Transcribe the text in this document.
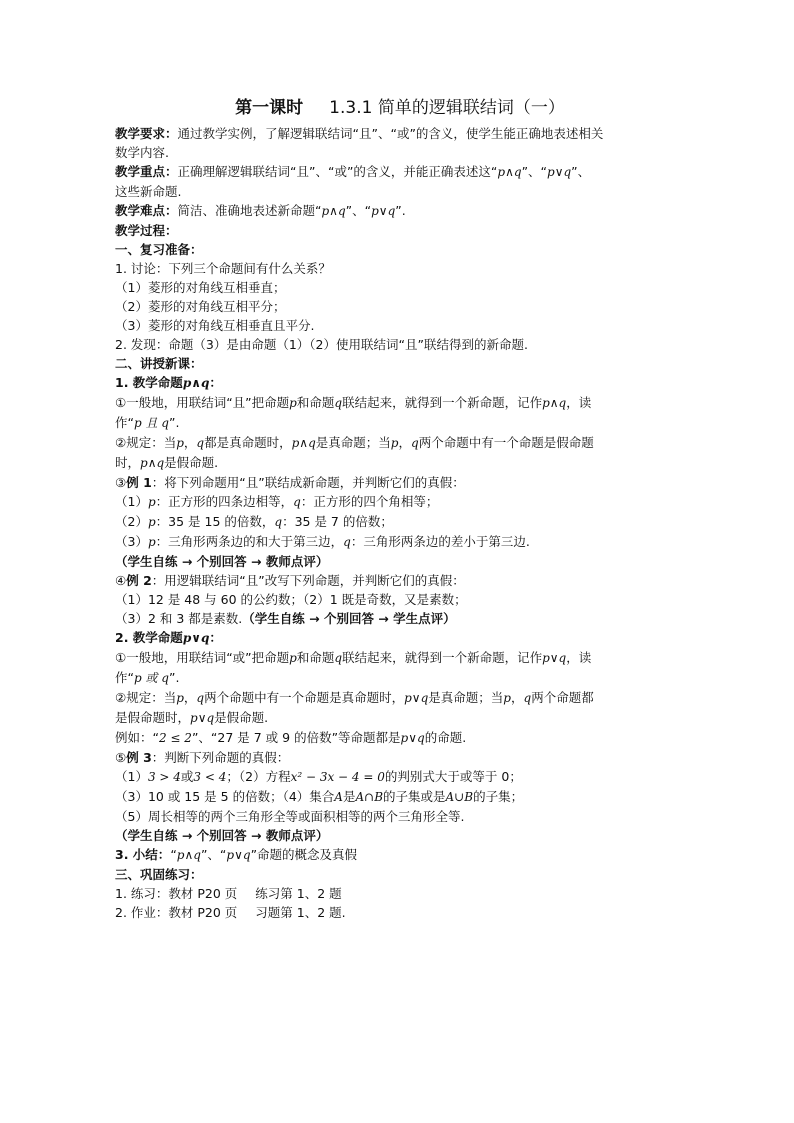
第一课时 1.3.1 简单的逻辑联结词（一）
教学要求：通过教学实例，了解逻辑联结词“且”、“或”的含义，使学生能正确地表述相关
数学内容.
教学重点：正确理解逻辑联结词“且”、“或”的含义，并能正确表述这“p∧q”、“p∨q”、
这些新命题.
教学难点：简洁、准确地表述新命题“p∧q”、“p∨q”.
教学过程：
一、复习准备：
1. 讨论：下列三个命题间有什么关系？
（1）菱形的对角线互相垂直；
（2）菱形的对角线互相平分；
（3）菱形的对角线互相垂直且平分.
2. 发现：命题（3）是由命题（1）（2）使用联结词“且”联结得到的新命题.
二、讲授新课：
1. 教学命题p∧q：
①一般地，用联结词“且”把命题p和命题q联结起来，就得到一个新命题，记作p∧q，读
作“p 且 q”.
②规定：当p，q都是真命题时，p∧q是真命题；当p，q两个命题中有一个命题是假命题
时，p∧q是假命题.
③例 1：将下列命题用“且”联结成新命题，并判断它们的真假：
（1）p：正方形的四条边相等，q：正方形的四个角相等；
（2）p：35 是 15 的倍数，q：35 是 7 的倍数；
（3）p：三角形两条边的和大于第三边，q：三角形两条边的差小于第三边.
（学生自练 → 个别回答 → 教师点评）
④例 2：用逻辑联结词“且”改写下列命题，并判断它们的真假：
（1）12 是 48 与 60 的公约数；（2）1 既是奇数，又是素数；
（3）2 和 3 都是素数.（学生自练 → 个别回答 → 学生点评）
2. 教学命题p∨q：
①一般地，用联结词“或”把命题p和命题q联结起来，就得到一个新命题，记作p∨q，读
作“p 或 q”.
②规定：当p，q两个命题中有一个命题是真命题时，p∨q是真命题；当p，q两个命题都
是假命题时，p∨q是假命题.
例如：“2 ≤ 2”、“27 是 7 或 9 的倍数”等命题都是p∨q的命题.
⑤例 3：判断下列命题的真假：
（1）3 > 4或3 < 4；（2）方程x² − 3x − 4 = 0的判别式大于或等于 0；
（3）10 或 15 是 5 的倍数；（4）集合A是A∩B的子集或是A∪B的子集；
（5）周长相等的两个三角形全等或面积相等的两个三角形全等.
（学生自练 → 个别回答 → 教师点评）
3. 小结：“p∧q”、“p∨q”命题的概念及真假
三、巩固练习：
1. 练习：教材 P20 页 练习第 1、2 题
2. 作业：教材 P20 页 习题第 1、2 题.
